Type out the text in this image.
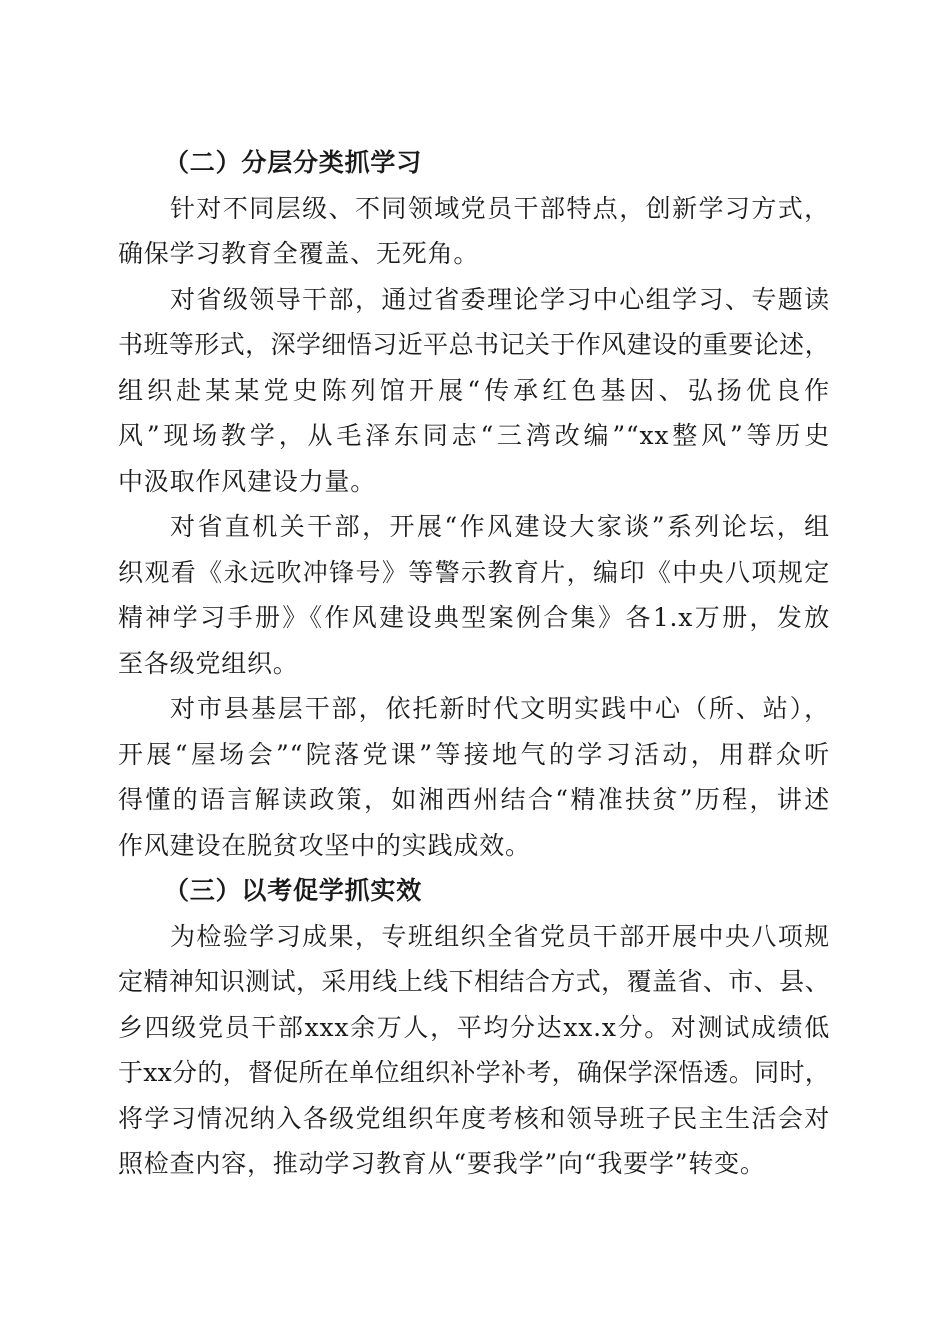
（二）分层分类抓学习
针对不同层级、不同领域党员干部特点，创新学习方式，
确保学习教育全覆盖、无死角。
对省级领导干部，通过省委理论学习中心组学习、专题读
书班等形式，深学细悟习近平总书记关于作风建设的重要论述，
组织赴某某党史陈列馆开展“传承红色基因、弘扬优良作
风”现场教学，从毛泽东同志“三湾改编”“xx整风”等历史
中汲取作风建设力量。
对省直机关干部，开展“作风建设大家谈”系列论坛，组
织观看《永远吹冲锋号》等警示教育片，编印《中央八项规定
精神学习手册》《作风建设典型案例合集》各1.x万册，发放
至各级党组织。
对市县基层干部，依托新时代文明实践中心（所、站），
开展“屋场会”“院落党课”等接地气的学习活动，用群众听
得懂的语言解读政策，如湘西州结合“精准扶贫”历程，讲述
作风建设在脱贫攻坚中的实践成效。
（三）以考促学抓实效
为检验学习成果，专班组织全省党员干部开展中央八项规
定精神知识测试，采用线上线下相结合方式，覆盖省、市、县、
乡四级党员干部xxx余万人，平均分达xx.x分。对测试成绩低
于xx分的，督促所在单位组织补学补考，确保学深悟透。同时，
将学习情况纳入各级党组织年度考核和领导班子民主生活会对
照检查内容，推动学习教育从“要我学”向“我要学”转变。
